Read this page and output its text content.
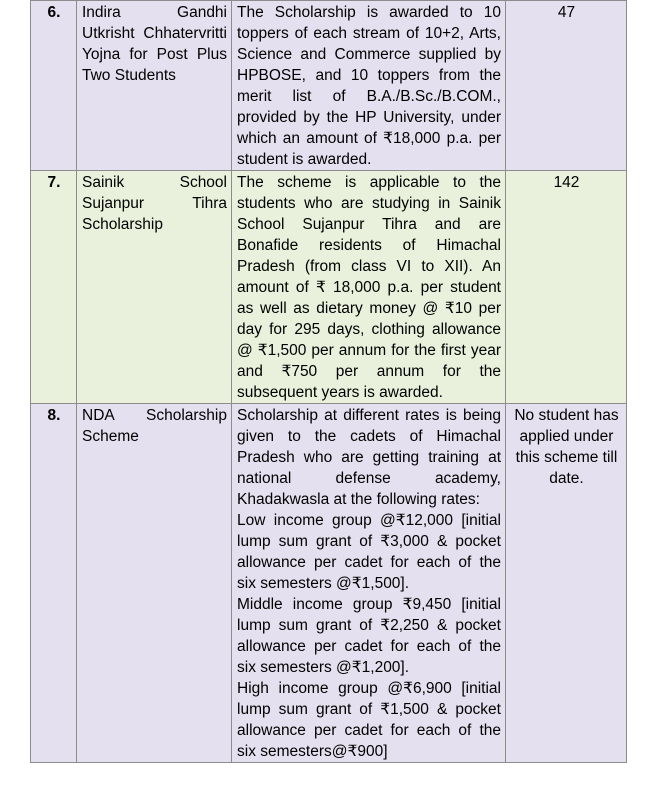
6.	Indira Gandhi Utkrisht Chhatervritti Yojna for Post Plus Two Students	The Scholarship is awarded to 10 toppers of each stream of 10+2, Arts, Science and Commerce supplied by HPBOSE, and 10 toppers from the merit list of B.A./B.Sc./B.COM., provided by the HP University, under which an amount of ₹18,000 p.a. per student is awarded.	47
7.	Sainik School Sujanpur Tihra Scholarship	The scheme is applicable to the students who are studying in Sainik School Sujanpur Tihra and are Bonafide residents of Himachal Pradesh (from class VI to XII). An amount of ₹ 18,000 p.a. per student as well as dietary money @ ₹10 per day for 295 days, clothing allowance @ ₹1,500 per annum for the first year and ₹750 per annum for the subsequent years is awarded.	142
8.	NDA Scholarship Scheme	Scholarship at different rates is being given to the cadets of Himachal Pradesh who are getting training at national defense academy, Khadakwasla at the following rates:
Low income group @₹12,000 [initial lump sum grant of ₹3,000 & pocket allowance per cadet for each of the six semesters @₹1,500].
Middle income group ₹9,450 [initial lump sum grant of ₹2,250 & pocket allowance per cadet for each of the six semesters @₹1,200].
High income group @₹6,900 [initial lump sum grant of ₹1,500 & pocket allowance per cadet for each of the six semesters@₹900]	No student has applied under this scheme till date.
